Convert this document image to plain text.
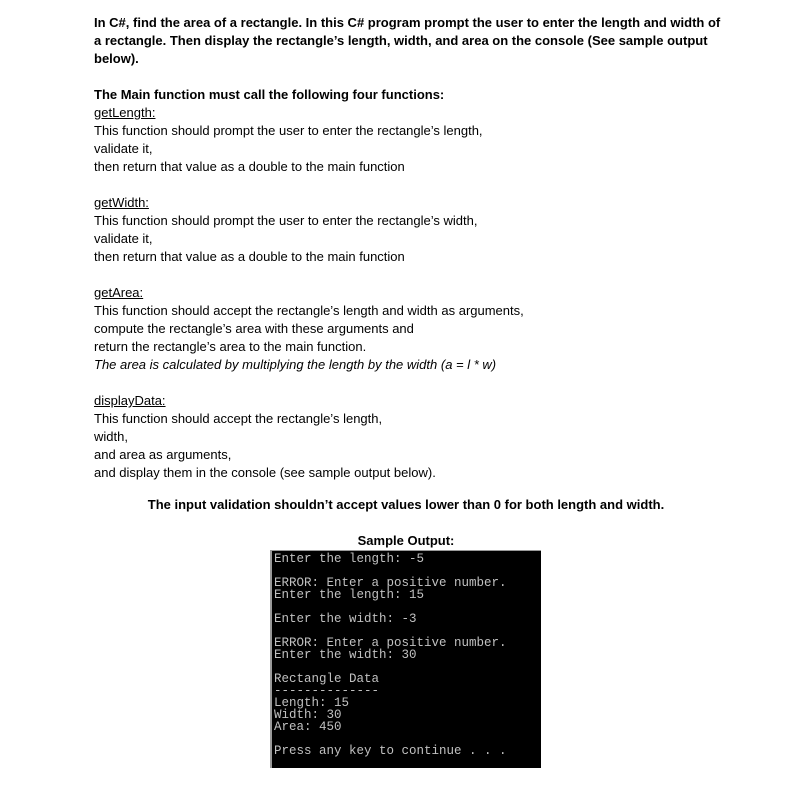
In C#, find the area of a rectangle. In this C# program prompt the user to enter the length and width of a rectangle. Then display the rectangle’s length, width, and area on the console (See sample output below).
The Main function must call the following four functions:
getLength:
This function should prompt the user to enter the rectangle’s length,
validate it,
then return that value as a double to the main function
getWidth:
This function should prompt the user to enter the rectangle’s width,
validate it,
then return that value as a double to the main function
getArea:
This function should accept the rectangle’s length and width as arguments,
compute the rectangle’s area with these arguments and
return the rectangle’s area to the main function.
The area is calculated by multiplying the length by the width (a = l * w)
displayData:
This function should accept the rectangle’s length,
width,
and area as arguments,
and display them in the console (see sample output below).
The input validation shouldn’t accept values lower than 0 for both length and width.
Sample Output:
Enter the length: -5
ERROR: Enter a positive number.
Enter the length: 15
Enter the width: -3
ERROR: Enter a positive number.
Enter the width: 30
Rectangle Data
--------------
Length: 15
Width: 30
Area: 450
Press any key to continue . . .
